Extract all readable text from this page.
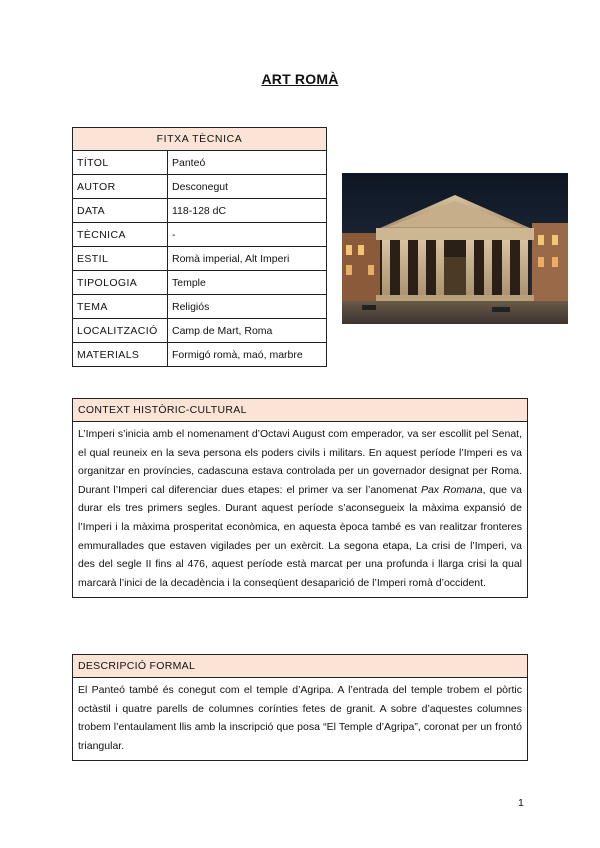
ART ROMÀ
FITXA TÈCNICA	
TÍTOL	Panteó
AUTOR	Desconegut
DATA	118-128 dC
TÈCNICA	-
ESTIL	Romà imperial, Alt Imperi
TIPOLOGIA	Temple
TEMA	Religiós
LOCALITZACIÓ	Camp de Mart, Roma
MATERIALS	Formigó romà, maó, marbre
CONTEXT HISTÒRIC-CULTURAL
L’Imperi s’inicia amb el nomenament d’Octavi August com emperador, va ser escollit pel Senat, el qual reuneix en la seva persona els poders civils i militars. En aquest període l’Imperi es va organitzar en províncies, cadascuna estava controlada per un governador designat per Roma. Durant l’Imperi cal diferenciar dues etapes: el primer va ser l’anomenat Pax Romana, que va durar els tres primers segles. Durant aquest període s’aconsegueix la màxima expansió de l’Imperi i la màxima prosperitat econòmica, en aquesta època també es van realitzar fronteres emmurallades que estaven vigilades per un exèrcit. La segona etapa, La crisi de l’Imperi, va des del segle II fins al 476, aquest període està marcat per una profunda i llarga crisi la qual marcarà l’inici de la decadència i la conseqüent desaparició de l’Imperi romà d’occident.
DESCRIPCIÓ FORMAL
El Panteó també és conegut com el temple d’Agripa. A l’entrada del temple trobem el pòrtic octàstil i quatre parells de columnes corínties fetes de granit. A sobre d’aquestes columnes trobem l’entaulament llis amb la inscripció que posa “El Temple d’Agripa”, coronat per un frontó triangular.
1
